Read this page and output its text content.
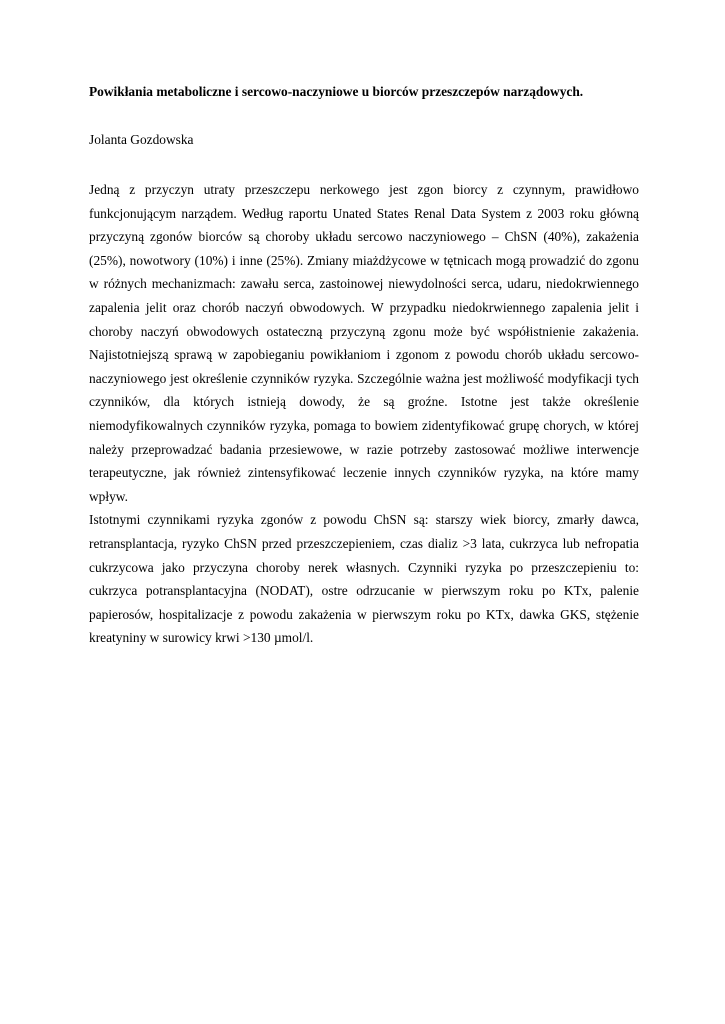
Powikłania metaboliczne i sercowo-naczyniowe u biorców przeszczepów narządowych.

Jolanta Gozdowska

Jedną z przyczyn utraty przeszczepu nerkowego jest zgon biorcy z czynnym, prawidłowo
funkcjonującym narządem. Według raportu Unated States Renal Data System z 2003 roku główną
przyczyną zgonów biorców są choroby układu sercowo naczyniowego – ChSN (40%), zakażenia
(25%), nowotwory (10%) i inne (25%). Zmiany miażdżycowe w tętnicach mogą prowadzić do zgonu
w różnych mechanizmach: zawału serca, zastoinowej niewydolności serca, udaru, niedokrwiennego
zapalenia jelit oraz chorób naczyń obwodowych. W przypadku niedokrwiennego zapalenia jelit i
choroby naczyń obwodowych ostateczną przyczyną zgonu może być współistnienie zakażenia.
Najistotniejszą sprawą w zapobieganiu powikłaniom i zgonom z powodu chorób układu sercowo-
naczyniowego jest określenie czynników ryzyka. Szczególnie ważna jest możliwość modyfikacji tych
czynników, dla których istnieją dowody, że są groźne. Istotne jest także określenie
niemodyfikowalnych czynników ryzyka, pomaga to bowiem zidentyfikować grupę chorych, w której
należy przeprowadzać badania przesiewowe, w razie potrzeby zastosować możliwe interwencje
terapeutyczne, jak również zintensyfikować leczenie innych czynników ryzyka, na które mamy
wpływ.
Istotnymi czynnikami ryzyka zgonów z powodu ChSN są: starszy wiek biorcy, zmarły dawca,
retransplantacja, ryzyko ChSN przed przeszczepieniem, czas dializ >3 lata, cukrzyca lub nefropatia
cukrzycowa jako przyczyna choroby nerek własnych. Czynniki ryzyka po przeszczepieniu to:
cukrzyca potransplantacyjna (NODAT), ostre odrzucanie w pierwszym roku po KTx, palenie
papierosów, hospitalizacje z powodu zakażenia w pierwszym roku po KTx, dawka GKS, stężenie
kreatyniny w surowicy krwi >130 µmol/l.
